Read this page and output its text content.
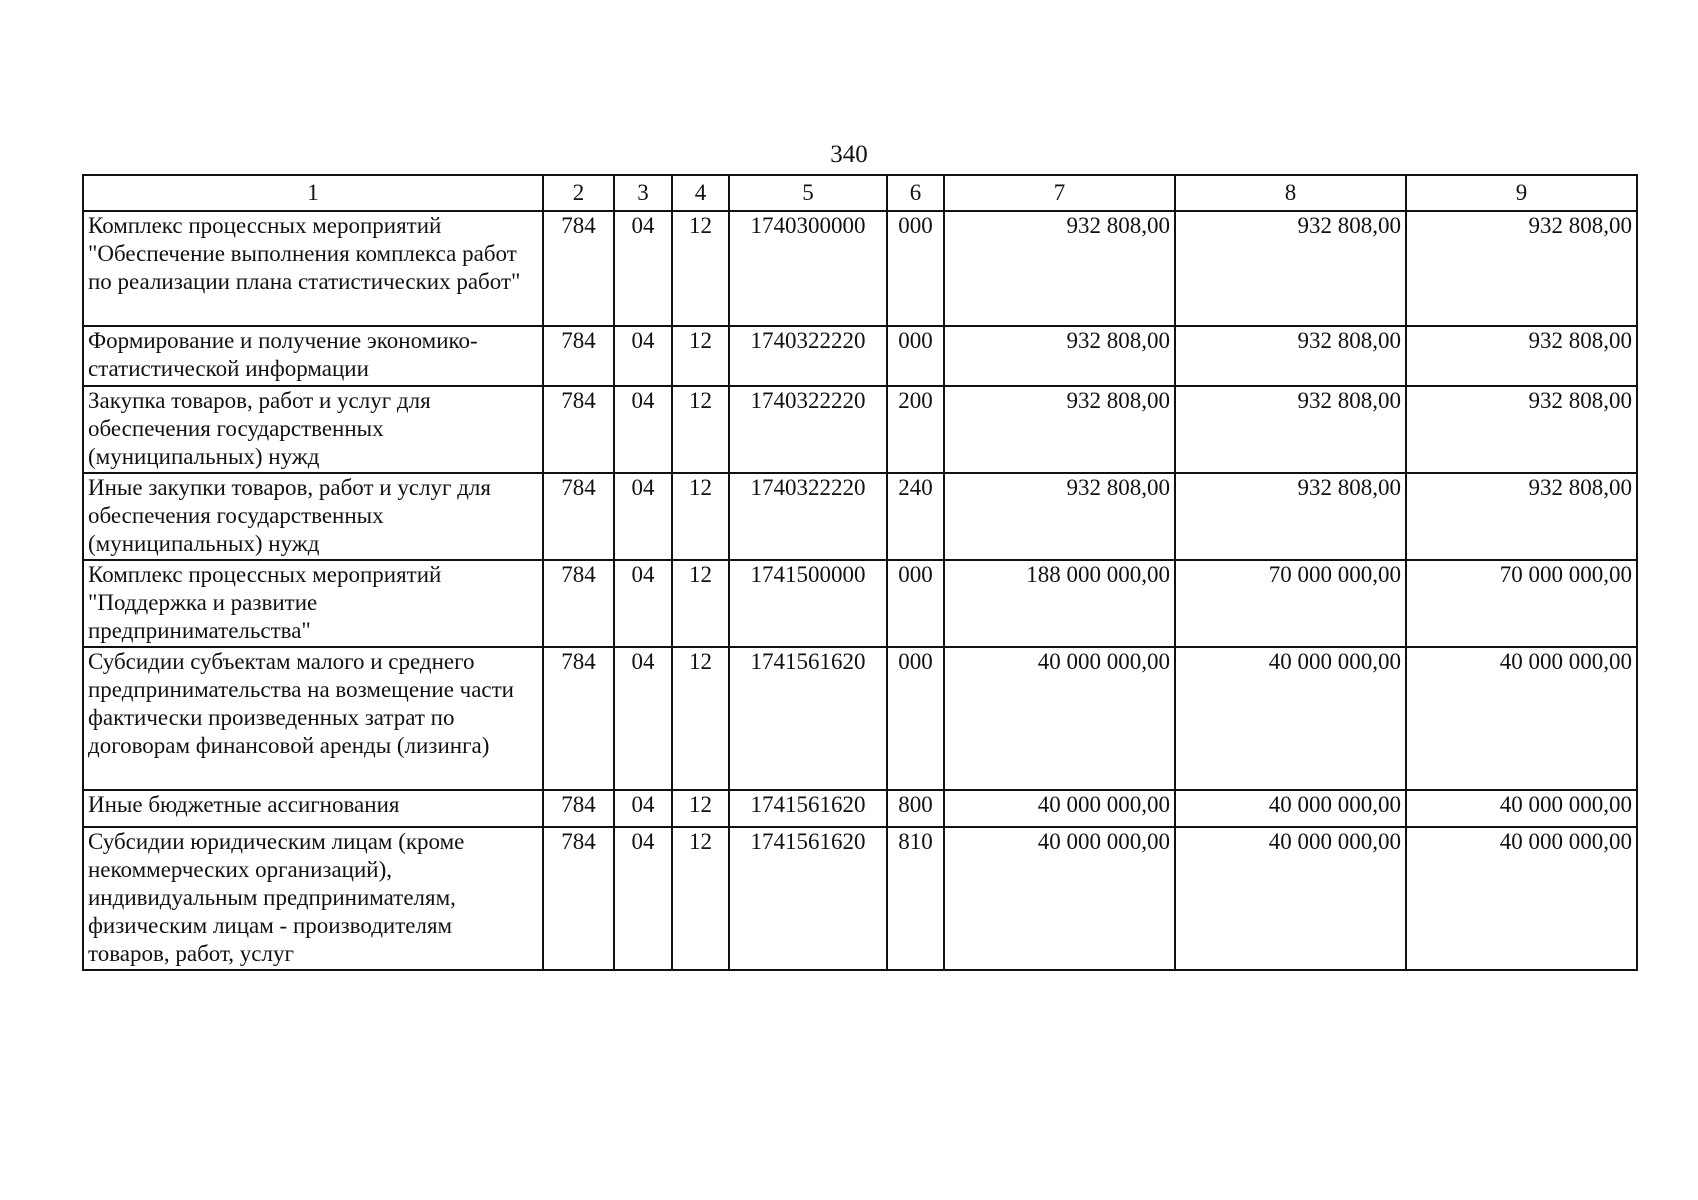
340
1	2	3	4	5	6	7	8	9
Комплекс процессных мероприятий "Обеспечение выполнения комплекса работ по реализации плана статистических работ"	784	04	12	1740300000	000	932 808,00	932 808,00	932 808,00
Формирование и получение экономико-статистической информации	784	04	12	1740322220	000	932 808,00	932 808,00	932 808,00
Закупка товаров, работ и услуг для обеспечения государственных (муниципальных) нужд	784	04	12	1740322220	200	932 808,00	932 808,00	932 808,00
Иные закупки товаров, работ и услуг для обеспечения государственных (муниципальных) нужд	784	04	12	1740322220	240	932 808,00	932 808,00	932 808,00
Комплекс процессных мероприятий "Поддержка и развитие предпринимательства"	784	04	12	1741500000	000	188 000 000,00	70 000 000,00	70 000 000,00
Субсидии субъектам малого и среднего предпринимательства на возмещение части фактически произведенных затрат по договорам финансовой аренды (лизинга)	784	04	12	1741561620	000	40 000 000,00	40 000 000,00	40 000 000,00
Иные бюджетные ассигнования	784	04	12	1741561620	800	40 000 000,00	40 000 000,00	40 000 000,00
Субсидии юридическим лицам (кроме некоммерческих организаций), индивидуальным предпринимателям, физическим лицам - производителям товаров, работ, услуг	784	04	12	1741561620	810	40 000 000,00	40 000 000,00	40 000 000,00
